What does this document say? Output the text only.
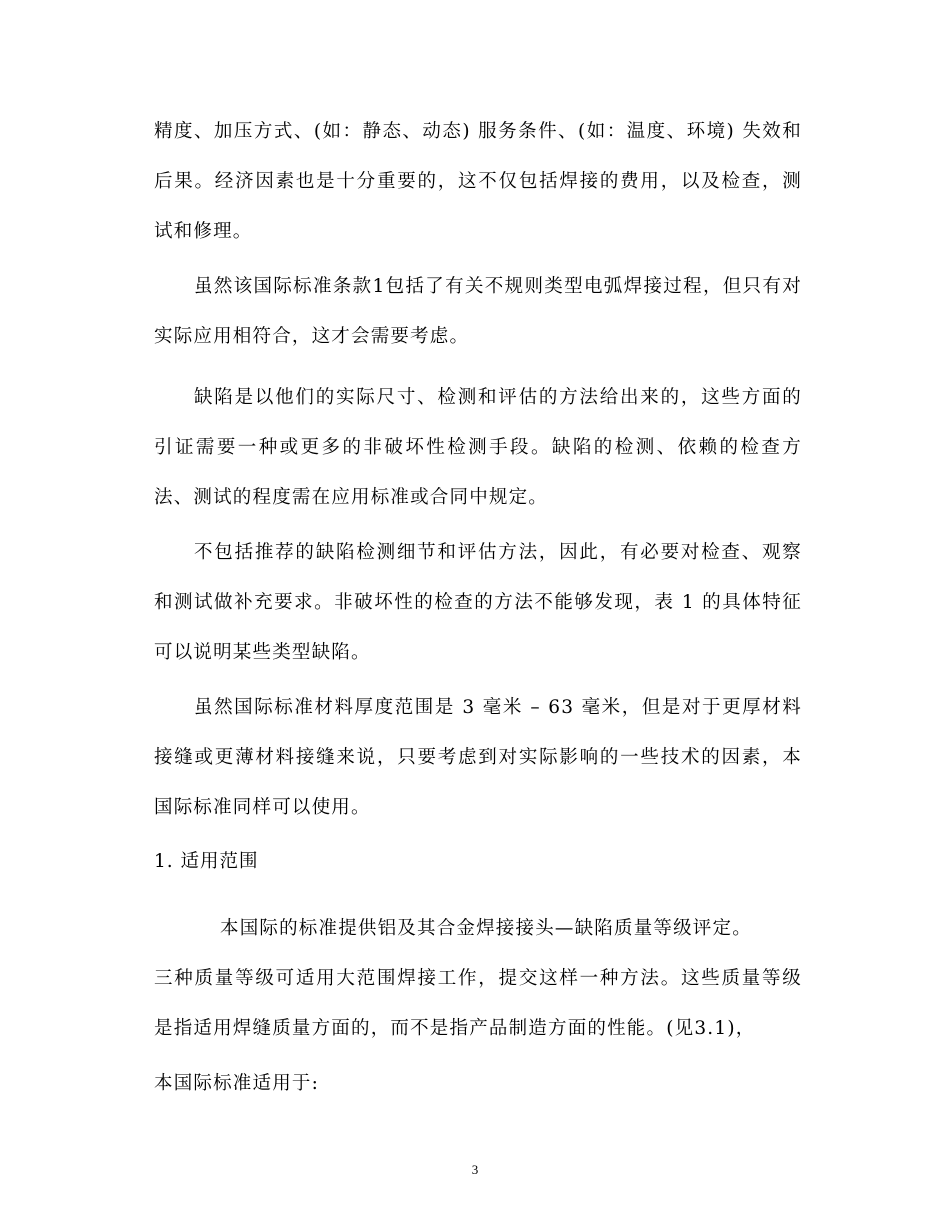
精度、加压方式、(如：静态、动态) 服务条件、(如：温度、环境) 失效和后果。经济因素也是十分重要的，这不仅包括焊接的费用，以及检查，测试和修理。

虽然该国际标准条款1包括了有关不规则类型电弧焊接过程，但只有对实际应用相符合，这才会需要考虑。

缺陷是以他们的实际尺寸、检测和评估的方法给出来的，这些方面的引证需要一种或更多的非破坏性检测手段。缺陷的检测、依赖的检查方法、测试的程度需在应用标准或合同中规定。

不包括推荐的缺陷检测细节和评估方法，因此，有必要对检查、观察和测试做补充要求。非破坏性的检查的方法不能够发现，表 1 的具体特征可以说明某些类型缺陷。

虽然国际标准材料厚度范围是 3 毫米 – 63 毫米，但是对于更厚材料接缝或更薄材料接缝来说，只要考虑到对实际影响的一些技术的因素，本国际标准同样可以使用。

1. 适用范围

本国际的标准提供铝及其合金焊接接头—缺陷质量等级评定。

三种质量等级可适用大范围焊接工作，提交这样一种方法。这些质量等级是指适用焊缝质量方面的，而不是指产品制造方面的性能。(见3.1)，

本国际标准适用于:

3
